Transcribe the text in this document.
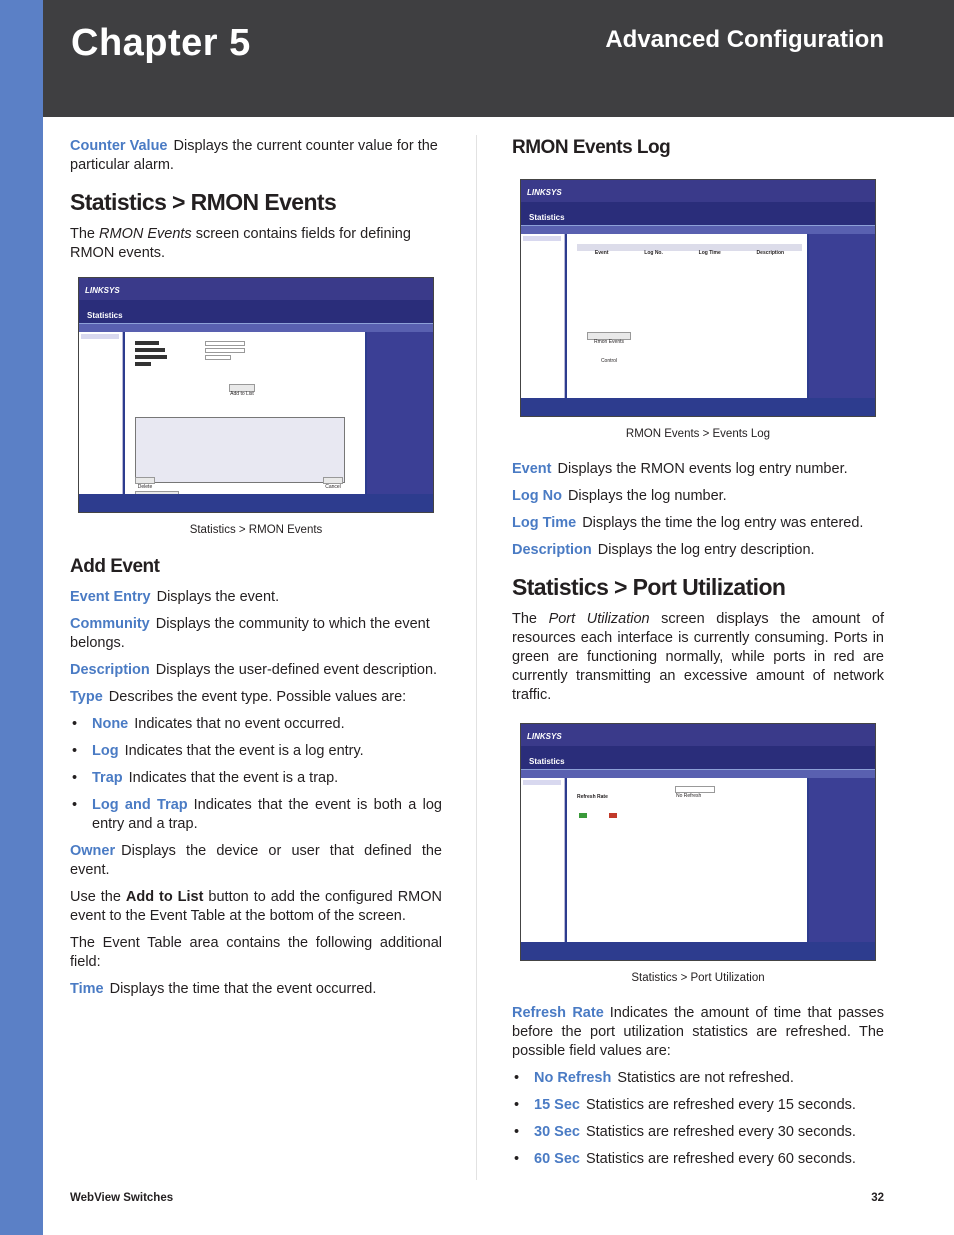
Chapter 5	Advanced Configuration

Counter Value Displays the current counter value for the particular alarm.

Statistics > RMON Events

The RMON Events screen contains fields for defining RMON events.

LINKSYS
Statistics
Add to List
Delete	Cancel
Statistics > RMON Events
Add Event

Event Entry Displays the event.

Community Displays the community to which the event belongs.

Description Displays the user-defined event description.

Type Describes the event type. Possible values are:

• None Indicates that no event occurred.
• Log Indicates that the event is a log entry.
• Trap Indicates that the event is a trap.
• Log and Trap Indicates that the event is both a log entry and a trap.

Owner Displays the device or user that defined the event.

Use the Add to List button to add the configured RMON event to the Event Table at the bottom of the screen.

The Event Table area contains the following additional field:

Time Displays the time that the event occurred.

RMON Events Log
LINKSYS
Statistics
Event	Log No.	Log Time	Description
Rmon Events Control
RMON Events > Events Log

Event Displays the RMON events log entry number.

Log No Displays the log number.

Log Time Displays the time the log entry was entered.

Description Displays the log entry description.

Statistics > Port Utilization

The Port Utilization screen displays the amount of resources each interface is currently consuming. Ports in green are functioning normally, while ports in red are currently transmitting an excessive amount of network traffic.

LINKSYS
Statistics
Refresh Rate	No Refresh
Statistics > Port Utilization

Refresh Rate Indicates the amount of time that passes before the port utilization statistics are refreshed. The possible field values are:

• No Refresh Statistics are not refreshed.
• 15 Sec Statistics are refreshed every 15 seconds.
• 30 Sec Statistics are refreshed every 30 seconds.
• 60 Sec Statistics are refreshed every 60 seconds.
WebView Switches	32
